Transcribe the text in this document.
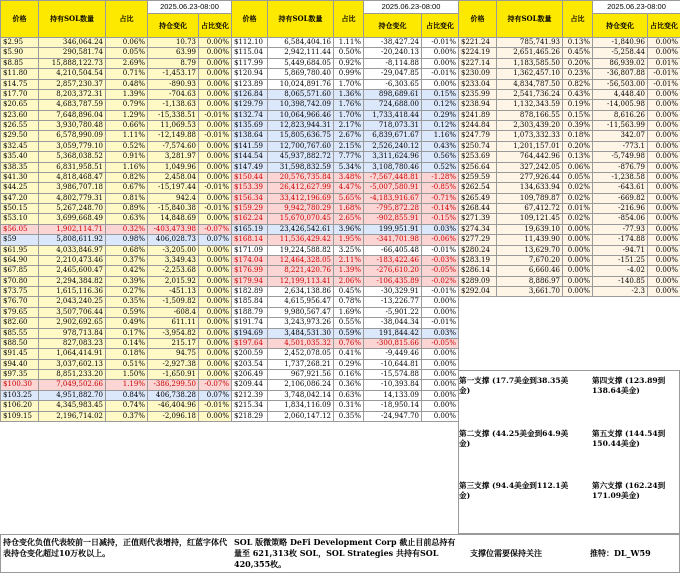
价格	持有SOL数量	占比	2025.06.23-08:00	
			持仓变化	占比变化
$2.95	346,064.24	0.06%	10.73	0.00%
$5.90	290,581.74	0.05%	63.99	0.00%
$8.85	15,888,122.73	2.69%	8.79	0.00%
$11.80	4,210,504.54	0.71%	-1,453.17	0.00%
$14.75	2,857,230.37	0.48%	-890.93	0.00%
$17.70	8,203,372.31	1.39%	-704.63	0.00%
$20.65	4,683,787.59	0.79%	-1,138.63	0.00%
$23.60	7,648,896.04	1.29%	-15,338.51	-0.01%
$26.55	3,930,780.48	0.66%	11,069.53	0.00%
$29.50	6,578,990.09	1.11%	-12,149.88	-0.01%
$32.45	3,059,779.10	0.52%	-7,574.60	0.00%
$35.40	5,368,038.52	0.91%	3,281.97	0.00%
$38.35	6,831,958.51	1.16%	1,049.96	0.00%
$41.30	4,818,468.47	0.82%	2,458.04	0.00%
$44.25	3,986,707.18	0.67%	-15,197.44	-0.01%
$47.20	4,802,779.31	0.81%	942.4	0.00%
$50.15	5,267,248.70	0.89%	-15,840.38	-0.01%
$53.10	3,699,668.49	0.63%	14,848.69	0.00%
$56.05	1,902,114.71	0.32%	-403,473.98	-0.07%
$59	5,808,611.92	0.98%	406,028.73	0.07%
$61.95	4,033,846.97	0.68%	-3,205.00	0.00%
$64.90	2,210,473.46	0.37%	3,349.43	0.00%
$67.85	2,465,600.47	0.42%	-2,253.68	0.00%
$70.80	2,294,384.82	0.39%	2,015.92	0.00%
$73.75	1,615,116.36	0.27%	-451.13	0.00%
$76.70	2,043,240.25	0.35%	-1,509.82	0.00%
$79.65	3,507,706.44	0.59%	-608.4	0.00%
$82.60	2,902,692.65	0.49%	611.11	0.00%
$85.55	978,713.84	0.17%	-3,954.82	0.00%
$88.50	827,083.23	0.14%	215.17	0.00%
$91.45	1,064,414.91	0.18%	94.75	0.00%
$94.40	3,037,602.13	0.51%	-2,927.38	0.00%
$97.35	8,851,233.20	1.50%	-1,650.91	0.00%
$100.30	7,049,502.66	1.19%	-386,299.50	-0.07%
$103.25	4,951,882.70	0.84%	406,738.28	0.07%
$106.20	4,345,983.45	0.74%	-46,404.96	-0.01%
$109.15	2,196,714.02	0.37%	-2,096.18	0.00%
价格	持有SOL数量	占比	2025.06.23-08:00	
			持仓变化	占比变化
$112.10	6,584,404.16	1.11%	-38,427.24	-0.01%
$115.04	2,942,111.44	0.50%	-20,240.13	0.00%
$117.99	5,449,684.05	0.92%	-8,114.88	0.00%
$120.94	5,869,780.40	0.99%	-29,047.85	-0.01%
$123.89	10,024,891.76	1.70%	-6,303.65	0.00%
$126.84	8,065,571.60	1.36%	898,689.61	0.15%
$129.79	10,398,742.09	1.76%	724,688.00	0.12%
$132.74	10,064,966.46	1.70%	1,733,418.44	0.29%
$135.69	12,823,944.31	2.17%	718,073.31	0.12%
$138.64	15,805,636.75	2.67%	6,839,671.67	1.16%
$141.59	12,700,767.60	2.15%	2,526,240.12	0.43%
$144.54	45,937,882.72	7.77%	3,311,624.96	0.56%
$147.49	31,598,832.59	5.34%	3,108,780.46	0.52%
$150.44	20,576,735.84	3.48%	-7,567,448.81	-1.28%
$153.39	26,412,627.99	4.47%	-5,007,580.91	-0.85%
$156.34	33,412,196.69	5.65%	-4,183,916.67	-0.71%
$159.29	9,942,780.29	1.68%	-795,872.28	-0.14%
$162.24	15,670,070.45	2.65%	-902,855.91	-0.15%
$165.19	23,426,542.61	3.96%	199,951.91	0.03%
$168.14	11,536,429.42	1.95%	-341,701.98	-0.06%
$171.09	19,224,588.82	3.25%	-66,405.48	-0.01%
$174.04	12,464,328.05	2.11%	-183,422.46	-0.03%
$176.99	8,221,420.76	1.39%	-276,610.20	-0.05%
$179.94	12,199,113.41	2.06%	-106,435.89	-0.02%
$182.89	2,634,138.86	0.45%	-30,329.91	-0.01%
$185.84	4,615,956.47	0.78%	-13,226.77	0.00%
$188.79	9,980,567.47	1.69%	-5,901.22	0.00%
$191.74	3,243,973.26	0.55%	-38,044.34	-0.01%
$194.69	3,484,531.30	0.59%	191,844.42	0.03%
$197.64	4,501,035.32	0.76%	-300,815.66	-0.05%
$200.59	2,452,078.05	0.41%	-9,449.46	0.00%
$203.54	1,737,268.21	0.29%	-10,644.81	0.00%
$206.49	967,921.56	0.16%	-15,574.88	0.00%
$209.44	2,106,086.24	0.36%	-10,393.84	0.00%
$212.39	3,748,042.14	0.63%	14,133.09	0.00%
$215.34	1,834,116.09	0.31%	-18,950.14	0.00%
$218.29	2,060,147.12	0.35%	-24,947.70	0.00%
价格	持有SOL数量	占比	2025.06.23-08:00	
			持仓变化	占比变化
$221.24	785,741.93	0.13%	-1,840.96	0.00%
$224.19	2,651,465.26	0.45%	-5,258.44	0.00%
$227.14	1,183,585.50	0.20%	86,939.02	0.01%
$230.09	1,362,457.10	0.23%	-36,807.88	-0.01%
$233.04	4,834,787.50	0.82%	-56,503.00	-0.01%
$235.99	2,541,736.24	0.43%	4,448.40	0.00%
$238.94	1,132,343.59	0.19%	-14,005.98	0.00%
$241.89	878,166.55	0.15%	8,616.26	0.00%
$244.84	2,303,439.20	0.39%	-11,563.99	0.00%
$247.79	1,073,332.33	0.18%	342.07	0.00%
$250.74	1,201,157.01	0.20%	-773.1	0.00%
$253.69	764,442.96	0.13%	-5,749.98	0.00%
$256.64	327,242.05	0.06%	-876.79	0.00%
$259.59	277,926.44	0.05%	-1,238.58	0.00%
$262.54	134,633.94	0.02%	-643.61	0.00%
$265.49	109,789.87	0.02%	-669.82	0.00%
$268.44	67,412.72	0.01%	-216.96	0.00%
$271.39	109,121.45	0.02%	-854.06	0.00%
$274.34	19,639.10	0.00%	-77.93	0.00%
$277.29	11,439.90	0.00%	-174.88	0.00%
$280.24	13,629.70	0.00%	-94.71	0.00%
$283.19	7,670.20	0.00%	-151.25	0.00%
$286.14	6,660.46	0.00%	-4.02	0.00%
$289.09	8,886.97	0.00%	-140.85	0.00%
$292.04	3,661.70	0.00%	-2.3	0.00%
第一支撑 (17.7美金到38.35美金)
第二支撑 (44.25美金到64.9美金)
第三支撑 (94.4美金到112.1美金)
第四支撑 (123.89到138.64美金)
第五支撑 (144.54到150.44美金)
第六支撑 (162.24到171.09美金)
持仓变化负值代表较前一日减持，正值则代表增持，红蓝字体代表持仓变化超过10万枚以上。
SOL 版微策略 DeFi Development Corp 截止目前总持有量至 621,313枚 SOL，SOL Strategies 共持有SOL 420,355枚。
支撑位需要保持关注	推特：DL_W59
